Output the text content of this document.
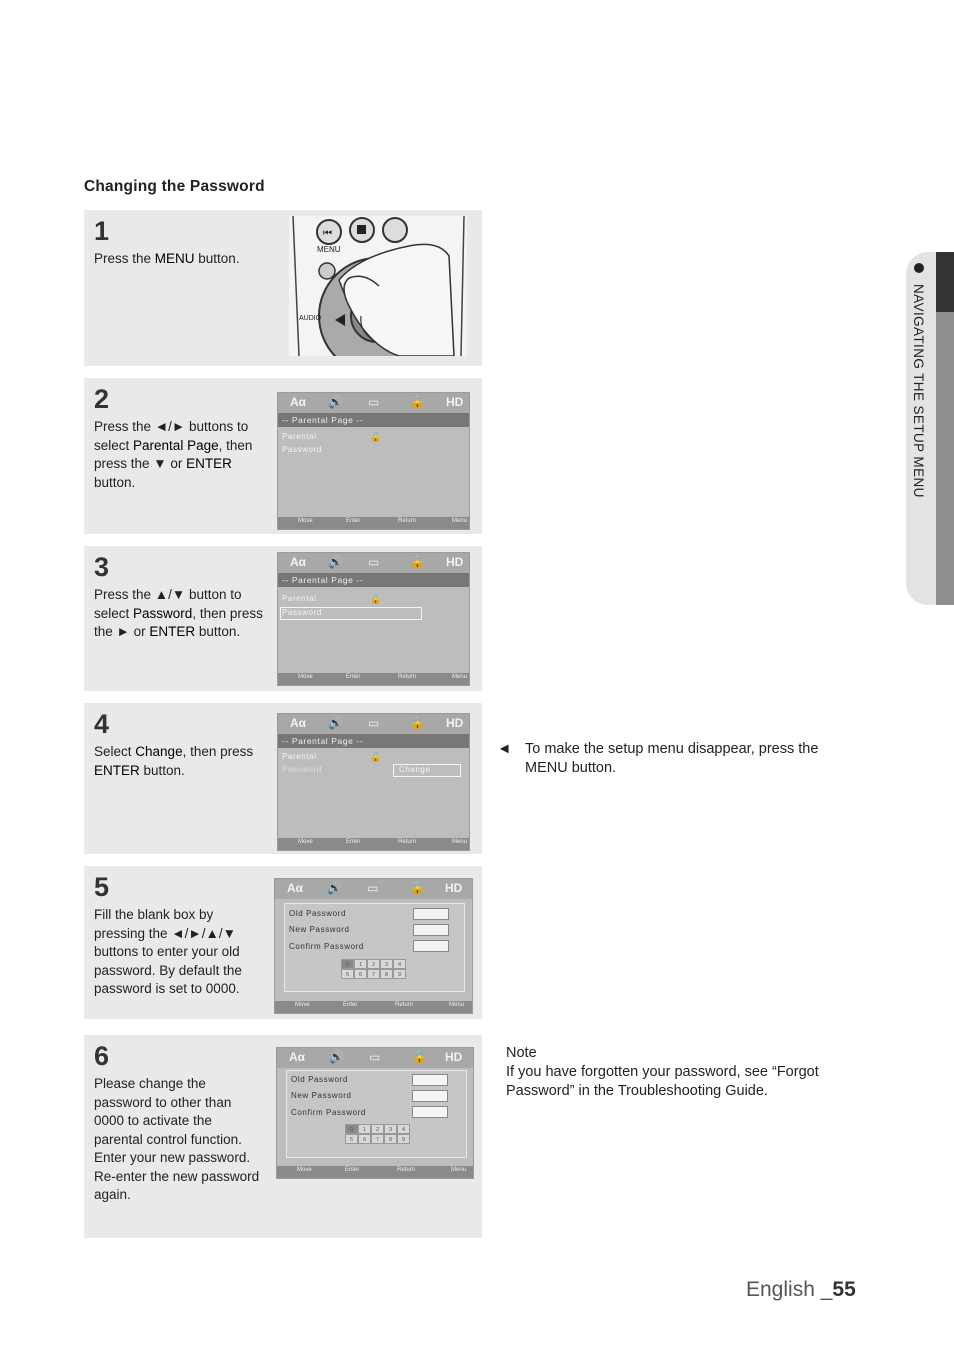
Changing the Password
NAVIGATING THE SETUP MENU
1
Press the MENU button.
⏮
MENU
AUDIO
2
Press the ◄/► buttons to select Parental Page, then press the ▼ or ENTER button.
Aα 🔊 ▭	🔒 HD
-- Parental Page --
Parental	🔓
Password
Move	Enter	Return	Menu
3
Press the ▲/▼ button to select Password, then press the ► or ENTER button.
Aα 🔊 ▭	🔒 HD
-- Parental Page --
Parental	🔓
Password
Move	Enter	Return	Menu
4
Select Change, then press ENTER button.
Aα 🔊 ▭	🔒 HD
-- Parental Page --
Parental	🔓
Password	Change
Move	Enter	Return	Menu
5
Fill the blank box by pressing the ◄/►/▲/▼ buttons to enter your old password. By default the password is set to 0000.
Aα 🔊 ▭	🔒 HD
Old Password
New Password
Confirm Password
0	1	2	3	4
5	6	7	8	9
Move	Enter	Return	Menu
6
Please change the password to other than 0000 to activate the parental control function. Enter your new password. Re-enter the new password again.
Aα 🔊 ▭	🔒 HD
Old Password
New Password
Confirm Password
0	1	2	3	4
5	6	7	8	9
Move	Enter	Return	Menu
◄ To make the setup menu disappear, press the MENU button.
Note
If you have forgotten your password, see “Forgot Password” in the Troubleshooting Guide.
English _55
